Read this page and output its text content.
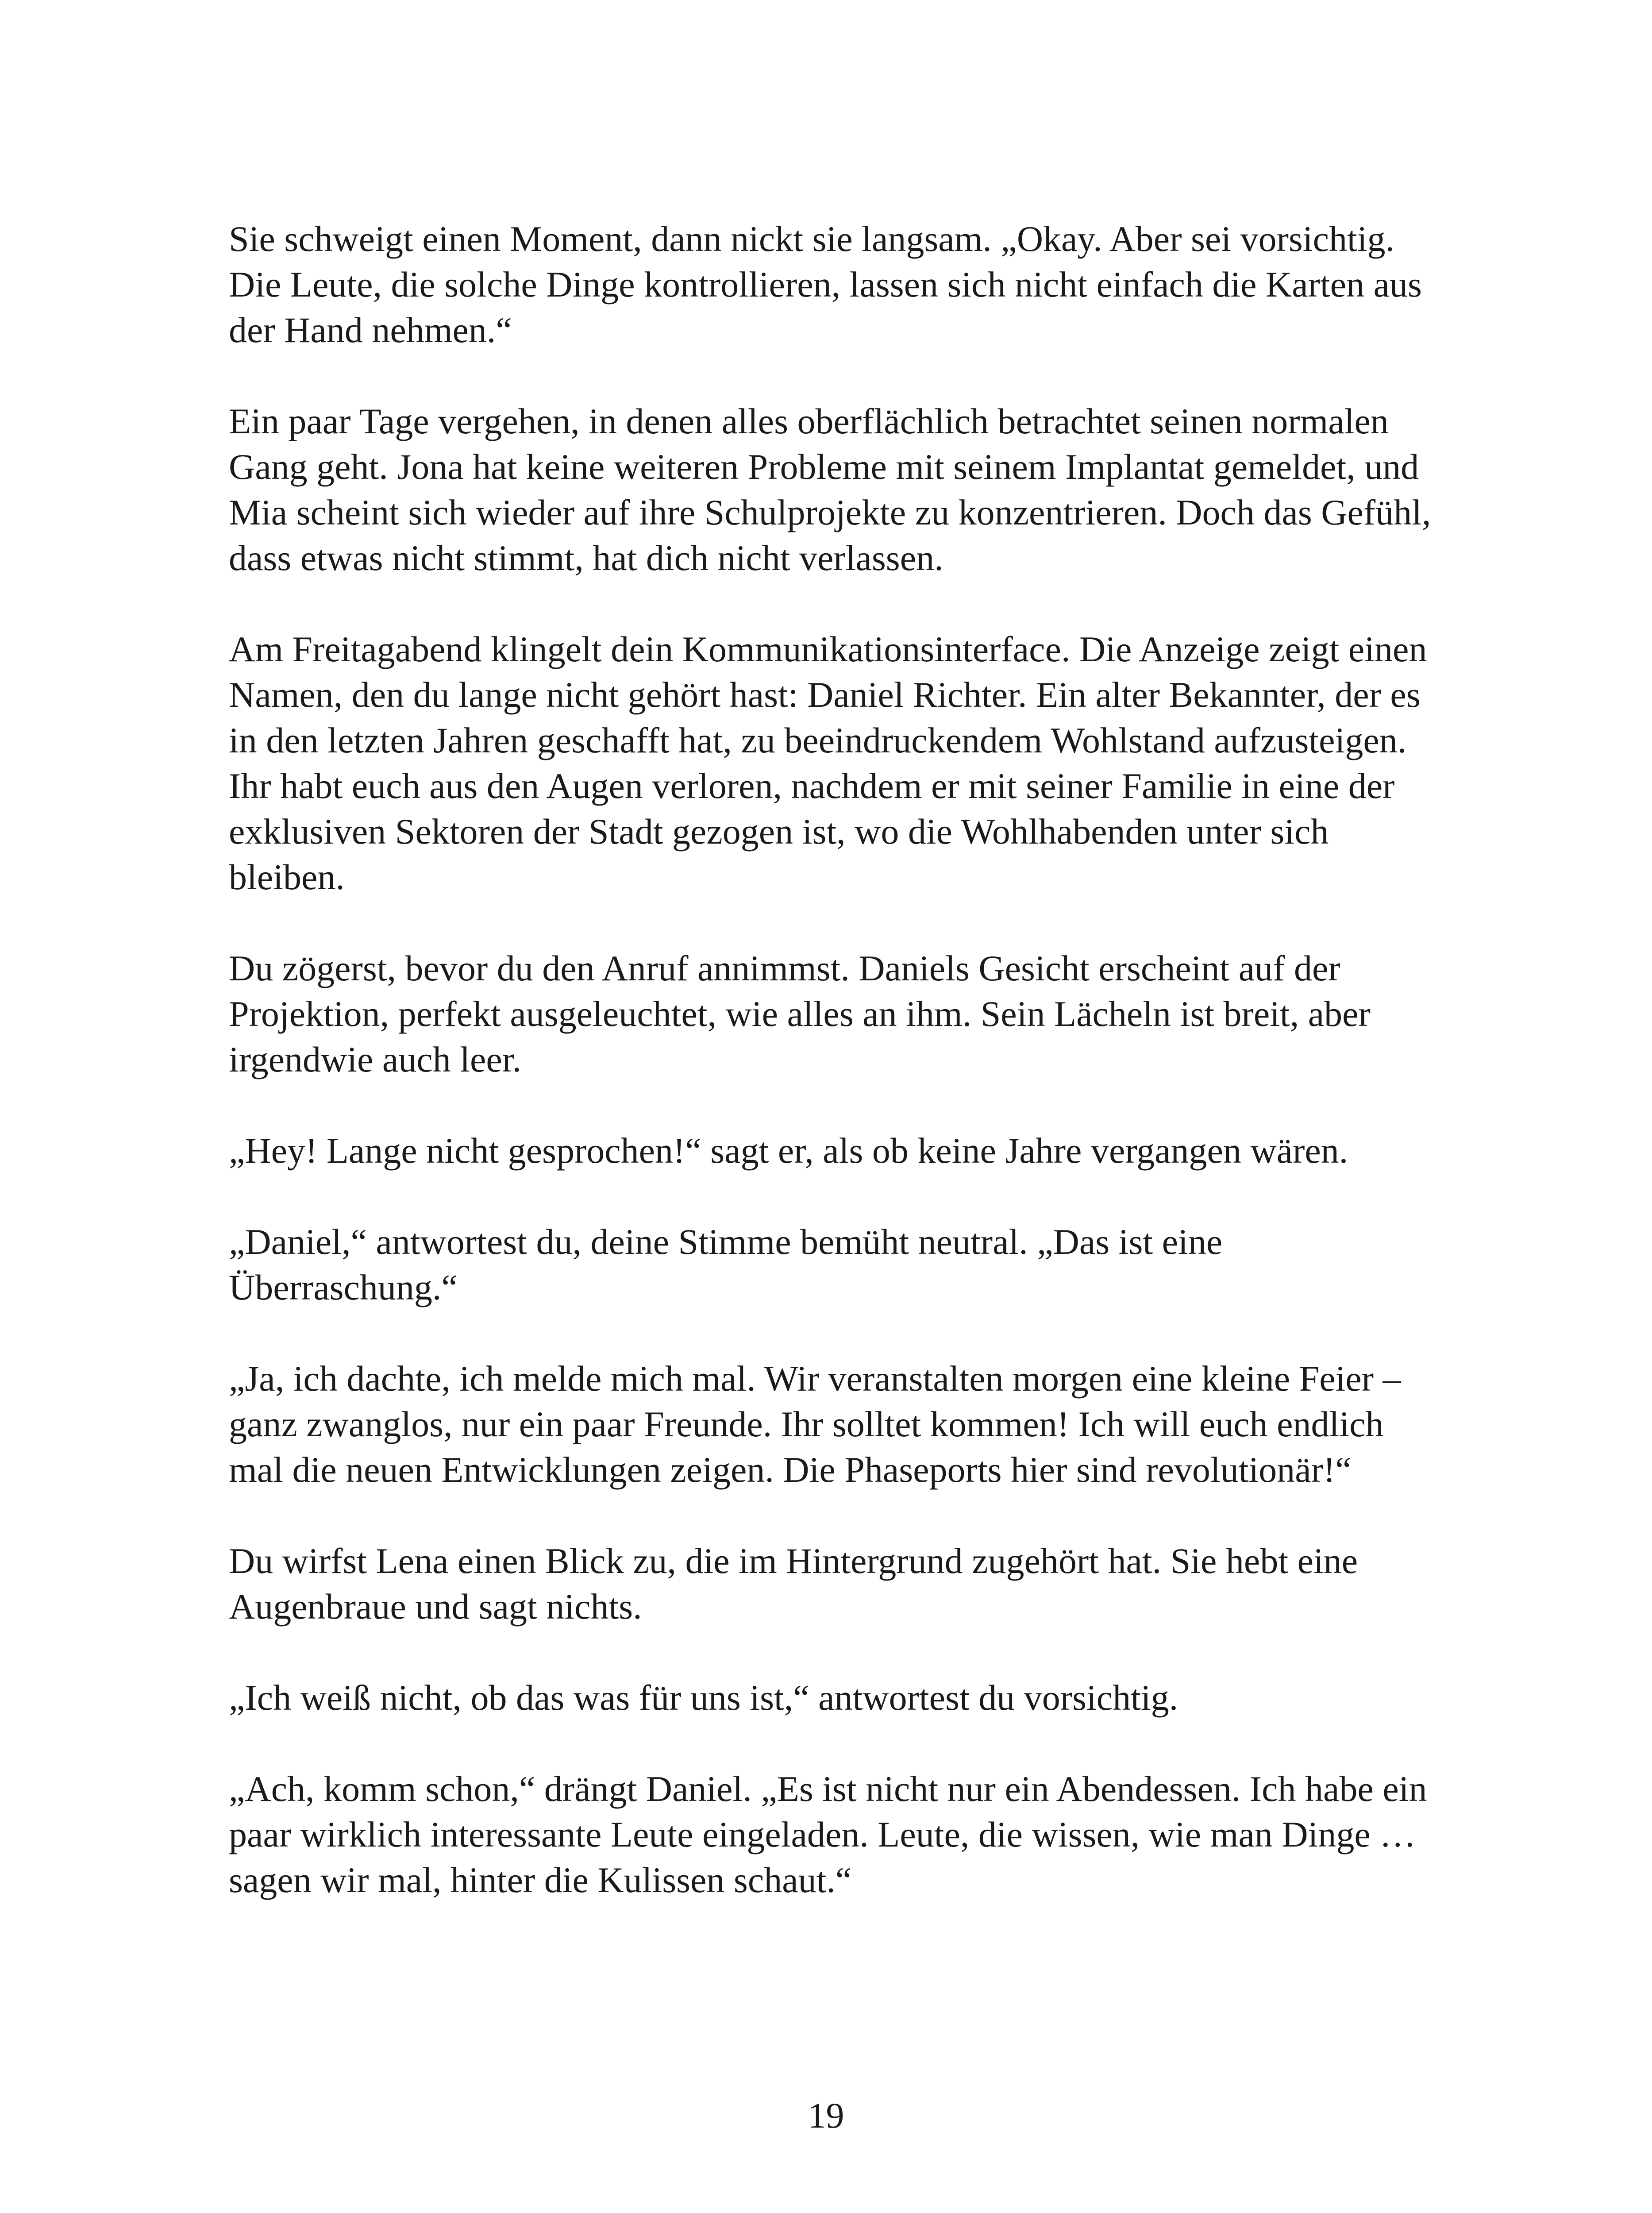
Sie schweigt einen Moment, dann nickt sie langsam. „Okay. Aber sei vorsichtig. Die Leute, die solche Dinge kontrollieren, lassen sich nicht einfach die Karten aus der Hand nehmen.“

Ein paar Tage vergehen, in denen alles oberflächlich betrachtet seinen normalen Gang geht. Jona hat keine weiteren Probleme mit seinem Implantat gemeldet, und Mia scheint sich wieder auf ihre Schulprojekte zu konzentrieren. Doch das Gefühl, dass etwas nicht stimmt, hat dich nicht verlassen.

Am Freitagabend klingelt dein Kommunikationsinterface. Die Anzeige zeigt einen Namen, den du lange nicht gehört hast: Daniel Richter. Ein alter Bekannter, der es in den letzten Jahren geschafft hat, zu beeindruckendem Wohlstand aufzusteigen. Ihr habt euch aus den Augen verloren, nachdem er mit seiner Familie in eine der exklusiven Sektoren der Stadt gezogen ist, wo die Wohlhabenden unter sich bleiben.

Du zögerst, bevor du den Anruf annimmst. Daniels Gesicht erscheint auf der Projektion, perfekt ausgeleuchtet, wie alles an ihm. Sein Lächeln ist breit, aber irgendwie auch leer.

„Hey! Lange nicht gesprochen!“ sagt er, als ob keine Jahre vergangen wären.

„Daniel,“ antwortest du, deine Stimme bemüht neutral. „Das ist eine Überraschung.“

„Ja, ich dachte, ich melde mich mal. Wir veranstalten morgen eine kleine Feier – ganz zwanglos, nur ein paar Freunde. Ihr solltet kommen! Ich will euch endlich mal die neuen Entwicklungen zeigen. Die Phaseports hier sind revolutionär!“

Du wirfst Lena einen Blick zu, die im Hintergrund zugehört hat. Sie hebt eine Augenbraue und sagt nichts.

„Ich weiß nicht, ob das was für uns ist,“ antwortest du vorsichtig.

„Ach, komm schon,“ drängt Daniel. „Es ist nicht nur ein Abendessen. Ich habe ein paar wirklich interessante Leute eingeladen. Leute, die wissen, wie man Dinge … sagen wir mal, hinter die Kulissen schaut.“

19
